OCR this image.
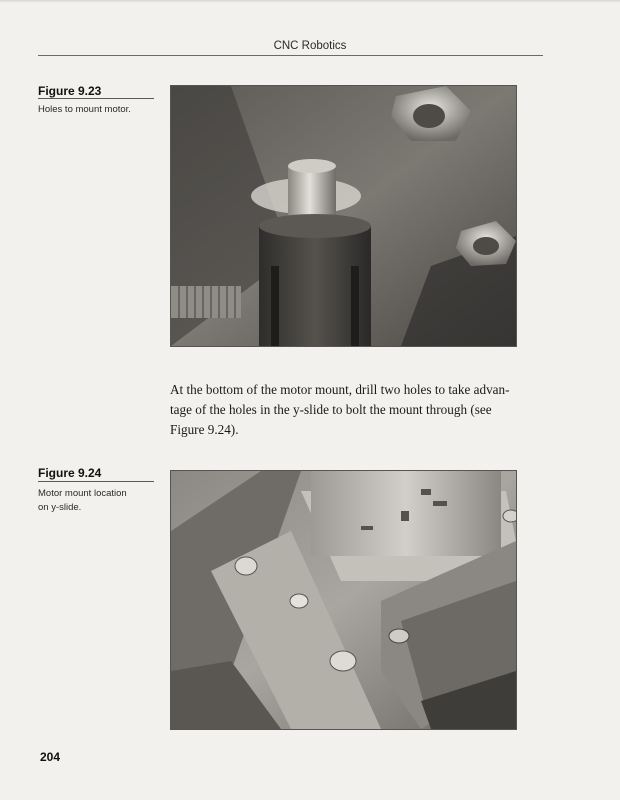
CNC Robotics
Figure 9.23
Holes to mount motor.
At the bottom of the motor mount, drill two holes to take advan-
tage of the holes in the y-slide to bolt the mount through (see
Figure 9.24).
Figure 9.24
Motor mount location
on y-slide.
204
